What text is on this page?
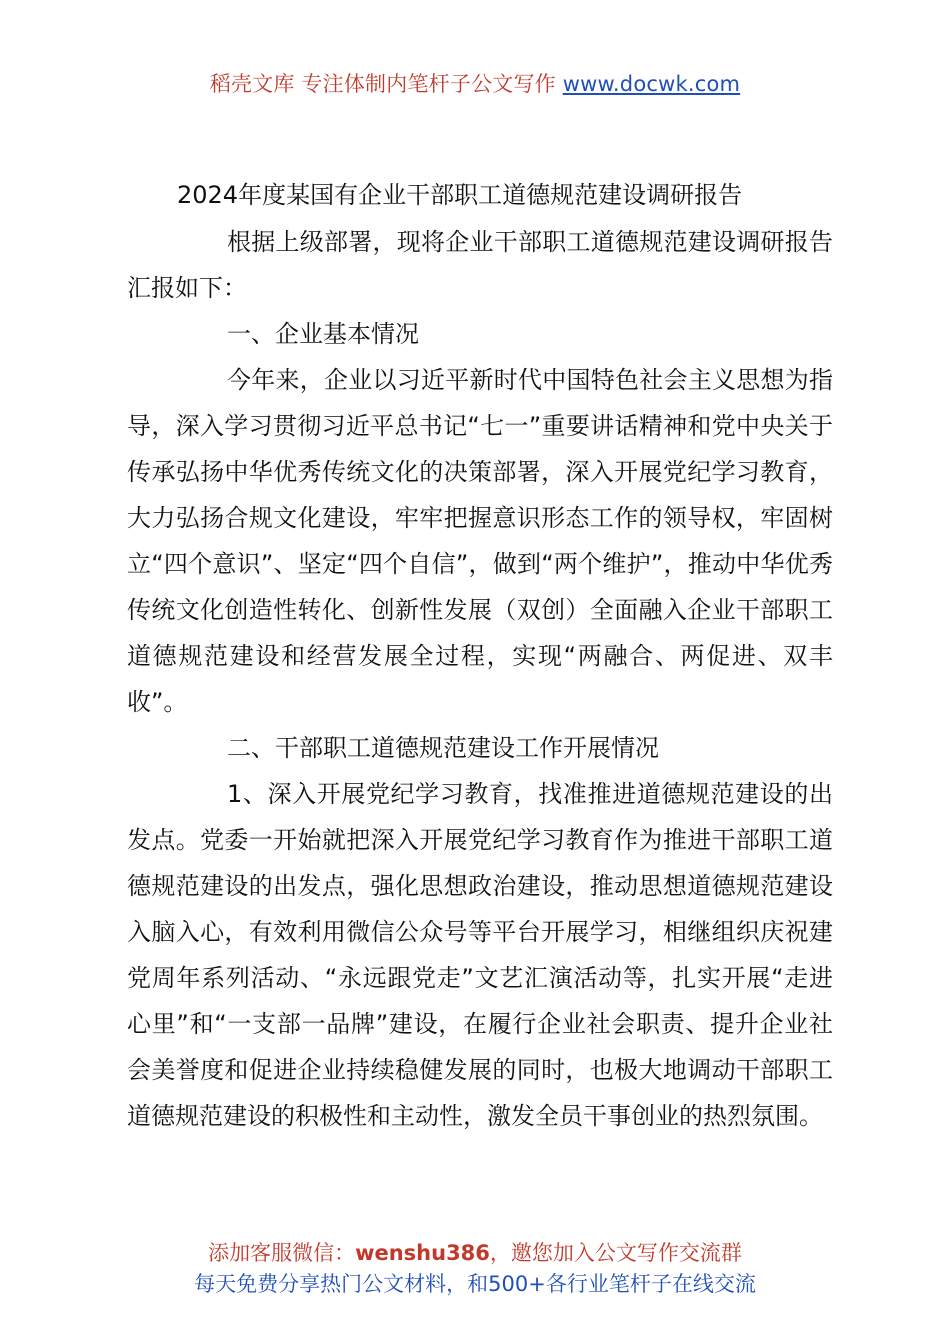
稻壳文库 专注体制内笔杆子公文写作 www.docwk.com
2024年度某国有企业干部职工道德规范建设调研报告

根据上级部署，现将企业干部职工道德规范建设调研报告汇报如下：

一、企业基本情况

今年来，企业以习近平新时代中国特色社会主义思想为指导，深入学习贯彻习近平总书记“七一”重要讲话精神和党中央关于传承弘扬中华优秀传统文化的决策部署，深入开展党纪学习教育，大力弘扬合规文化建设，牢牢把握意识形态工作的领导权，牢固树立“四个意识”、坚定“四个自信”，做到“两个维护”，推动中华优秀传统文化创造性转化、创新性发展（双创）全面融入企业干部职工道德规范建设和经营发展全过程，实现“两融合、两促进、双丰收”。

二、干部职工道德规范建设工作开展情况

1、深入开展党纪学习教育，找准推进道德规范建设的出发点。党委一开始就把深入开展党纪学习教育作为推进干部职工道德规范建设的出发点，强化思想政治建设，推动思想道德规范建设入脑入心，有效利用微信公众号等平台开展学习，相继组织庆祝建党周年系列活动、“永远跟党走”文艺汇演活动等，扎实开展“走进心里”和“一支部一品牌”建设，在履行企业社会职责、提升企业社会美誉度和促进企业持续稳健发展的同时，也极大地调动干部职工道德规范建设的积极性和主动性，激发全员干事创业的热烈氛围。

添加客服微信：wenshu386，邀您加入公文写作交流群
每天免费分享热门公文材料，和500+各行业笔杆子在线交流
